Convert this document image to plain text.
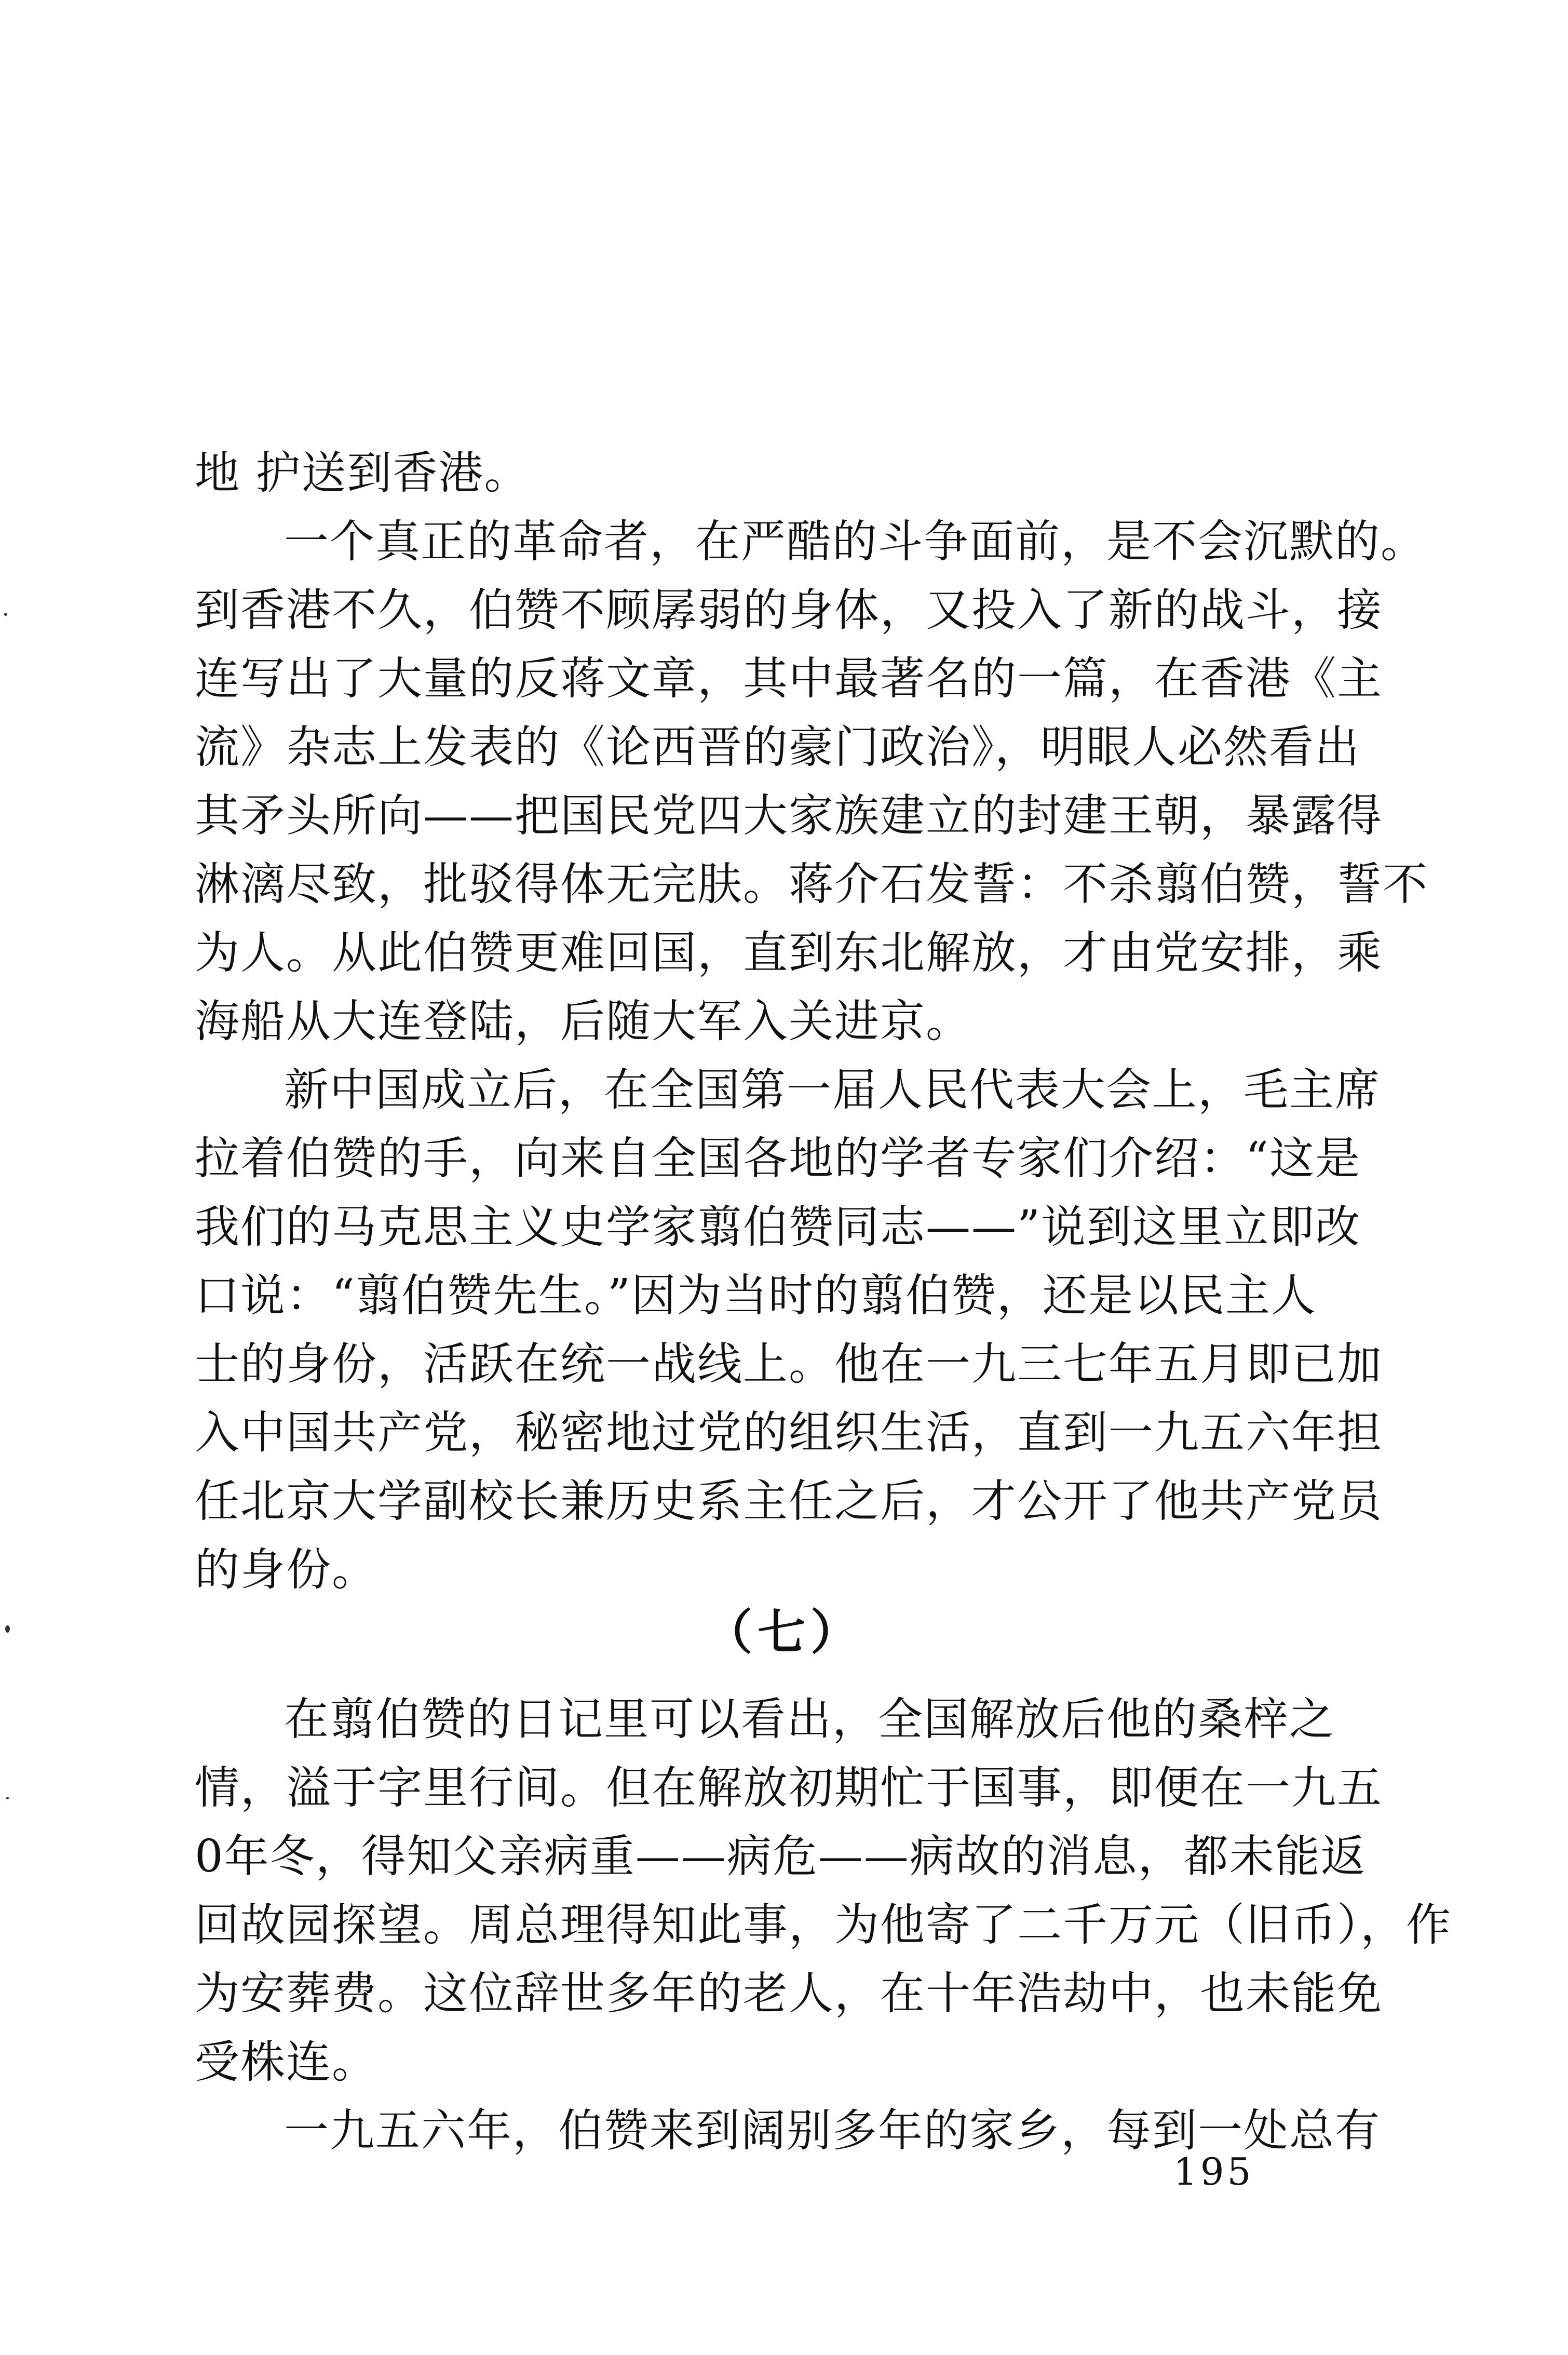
地 护送到香港。
一个真正的革命者，在严酷的斗争面前，是不会沉默的。
到香港不久，伯赞不顾孱弱的身体，又投入了新的战斗，接
连写出了大量的反蒋文章，其中最著名的一篇，在香港《主
流》杂志上发表的《论西晋的豪门政治》，明眼人必然看出
其矛头所向——把国民党四大家族建立的封建王朝，暴露得
淋漓尽致，批驳得体无完肤。蒋介石发誓：不杀翦伯赞，誓不
为人。从此伯赞更难回国，直到东北解放，才由党安排，乘
海船从大连登陆，后随大军入关进京。
新中国成立后，在全国第一届人民代表大会上，毛主席
拉着伯赞的手，向来自全国各地的学者专家们介绍：“这是
我们的马克思主义史学家翦伯赞同志——”说到这里立即改
口说：“翦伯赞先生。”因为当时的翦伯赞，还是以民主人
士的身份，活跃在统一战线上。他在一九三七年五月即已加
入中国共产党，秘密地过党的组织生活，直到一九五六年担
任北京大学副校长兼历史系主任之后，才公开了他共产党员
的身份。
（七）
在翦伯赞的日记里可以看出，全国解放后他的桑梓之
情，溢于字里行间。但在解放初期忙于国事，即便在一九五
0年冬，得知父亲病重——病危——病故的消息，都未能返
回故园探望。周总理得知此事，为他寄了二千万元（旧币），作
为安葬费。这位辞世多年的老人，在十年浩劫中，也未能免
受株连。
一九五六年，伯赞来到阔别多年的家乡，每到一处总有
195
